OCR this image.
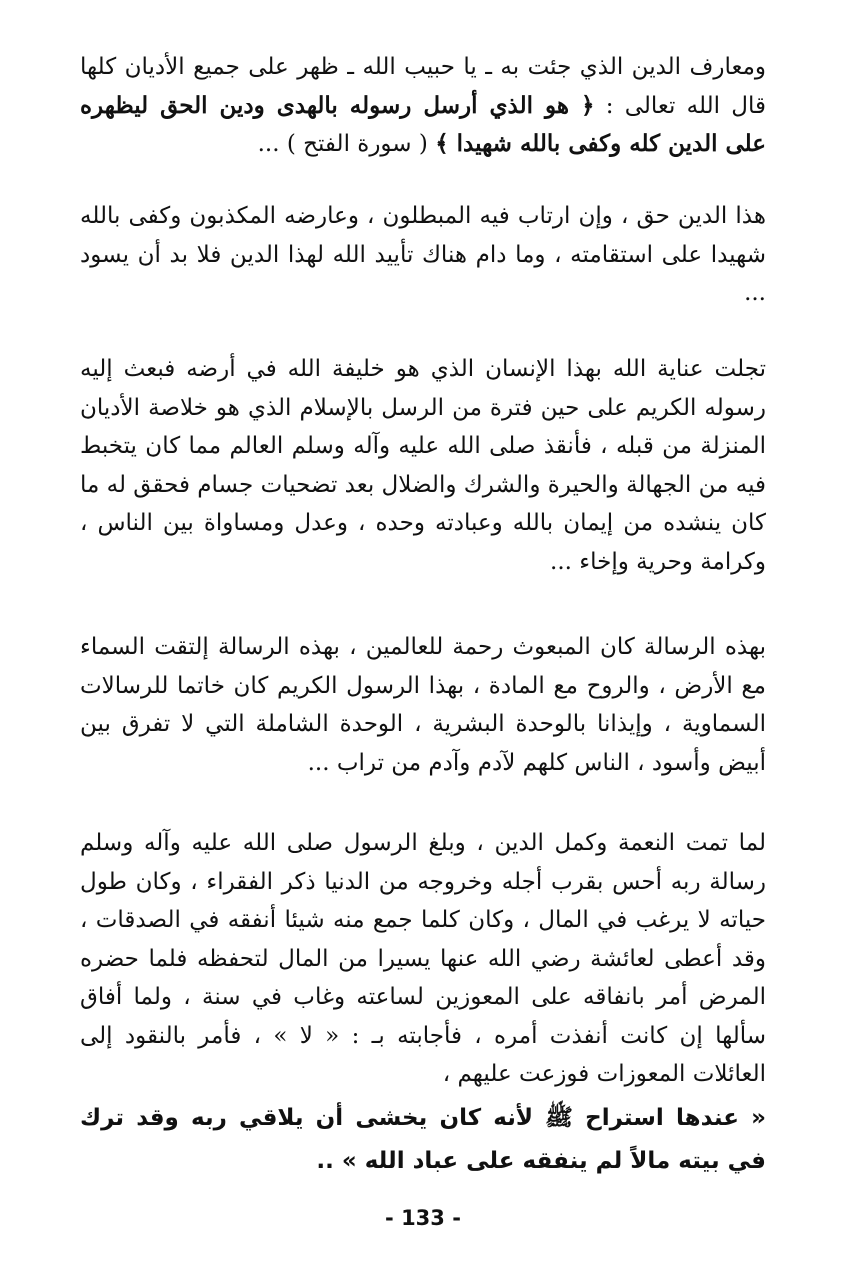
ومعارف الدين الذي جئت به ـ يا حبيب الله ـ ظهر على جميع الأديان كلها قال الله تعالى : ﴿ هو الذي أرسل رسوله بالهدى ودين الحق ليظهره على الدين كله وكفى بالله شهيدا ﴾ ( سورة الفتح ) ...

هذا الدين حق ، وإن ارتاب فيه المبطلون ، وعارضه المكذبون وكفى بالله شهيدا على استقامته ، وما دام هناك تأييد الله لهذا الدين فلا بد أن يسود ...

تجلت عناية الله بهذا الإنسان الذي هو خليفة الله في أرضه فبعث إليه رسوله الكريم على حين فترة من الرسل بالإسلام الذي هو خلاصة الأديان المنزلة من قبله ، فأنقذ صلى الله عليه وآله وسلم العالم مما كان يتخبط فيه من الجهالة والحيرة والشرك والضلال بعد تضحيات جسام فحقق له ما كان ينشده من إيمان بالله وعبادته وحده ، وعدل ومساواة بين الناس ، وكرامة وحرية وإخاء ...

بهذه الرسالة كان المبعوث رحمة للعالمين ، بهذه الرسالة إلتقت السماء مع الأرض ، والروح مع المادة ، بهذا الرسول الكريم كان خاتما للرسالات السماوية ، وإيذانا بالوحدة البشرية ، الوحدة الشاملة التي لا تفرق بين أبيض وأسود ، الناس كلهم لآدم وآدم من تراب ...

لما تمت النعمة وكمل الدين ، وبلغ الرسول صلى الله عليه وآله وسلم رسالة ربه أحس بقرب أجله وخروجه من الدنيا ذكر الفقراء ، وكان طول حياته لا يرغب في المال ، وكان كلما جمع منه شيئا أنفقه في الصدقات ، وقد أعطى لعائشة رضي الله عنها يسيرا من المال لتحفظه فلما حضره المرض أمر بانفاقه على المعوزين لساعته وغاب في سنة ، ولما أفاق سألها إن كانت أنفذت أمره ، فأجابته بـ : « لا » ، فأمر بالنقود إلى العائلات المعوزات فوزعت عليهم ،

« عندها استراح ﷺ لأنه كان يخشى أن يلاقي ربه وقد ترك في بيته مالاً لم ينفقه على عباد الله » ..

- 133 -
